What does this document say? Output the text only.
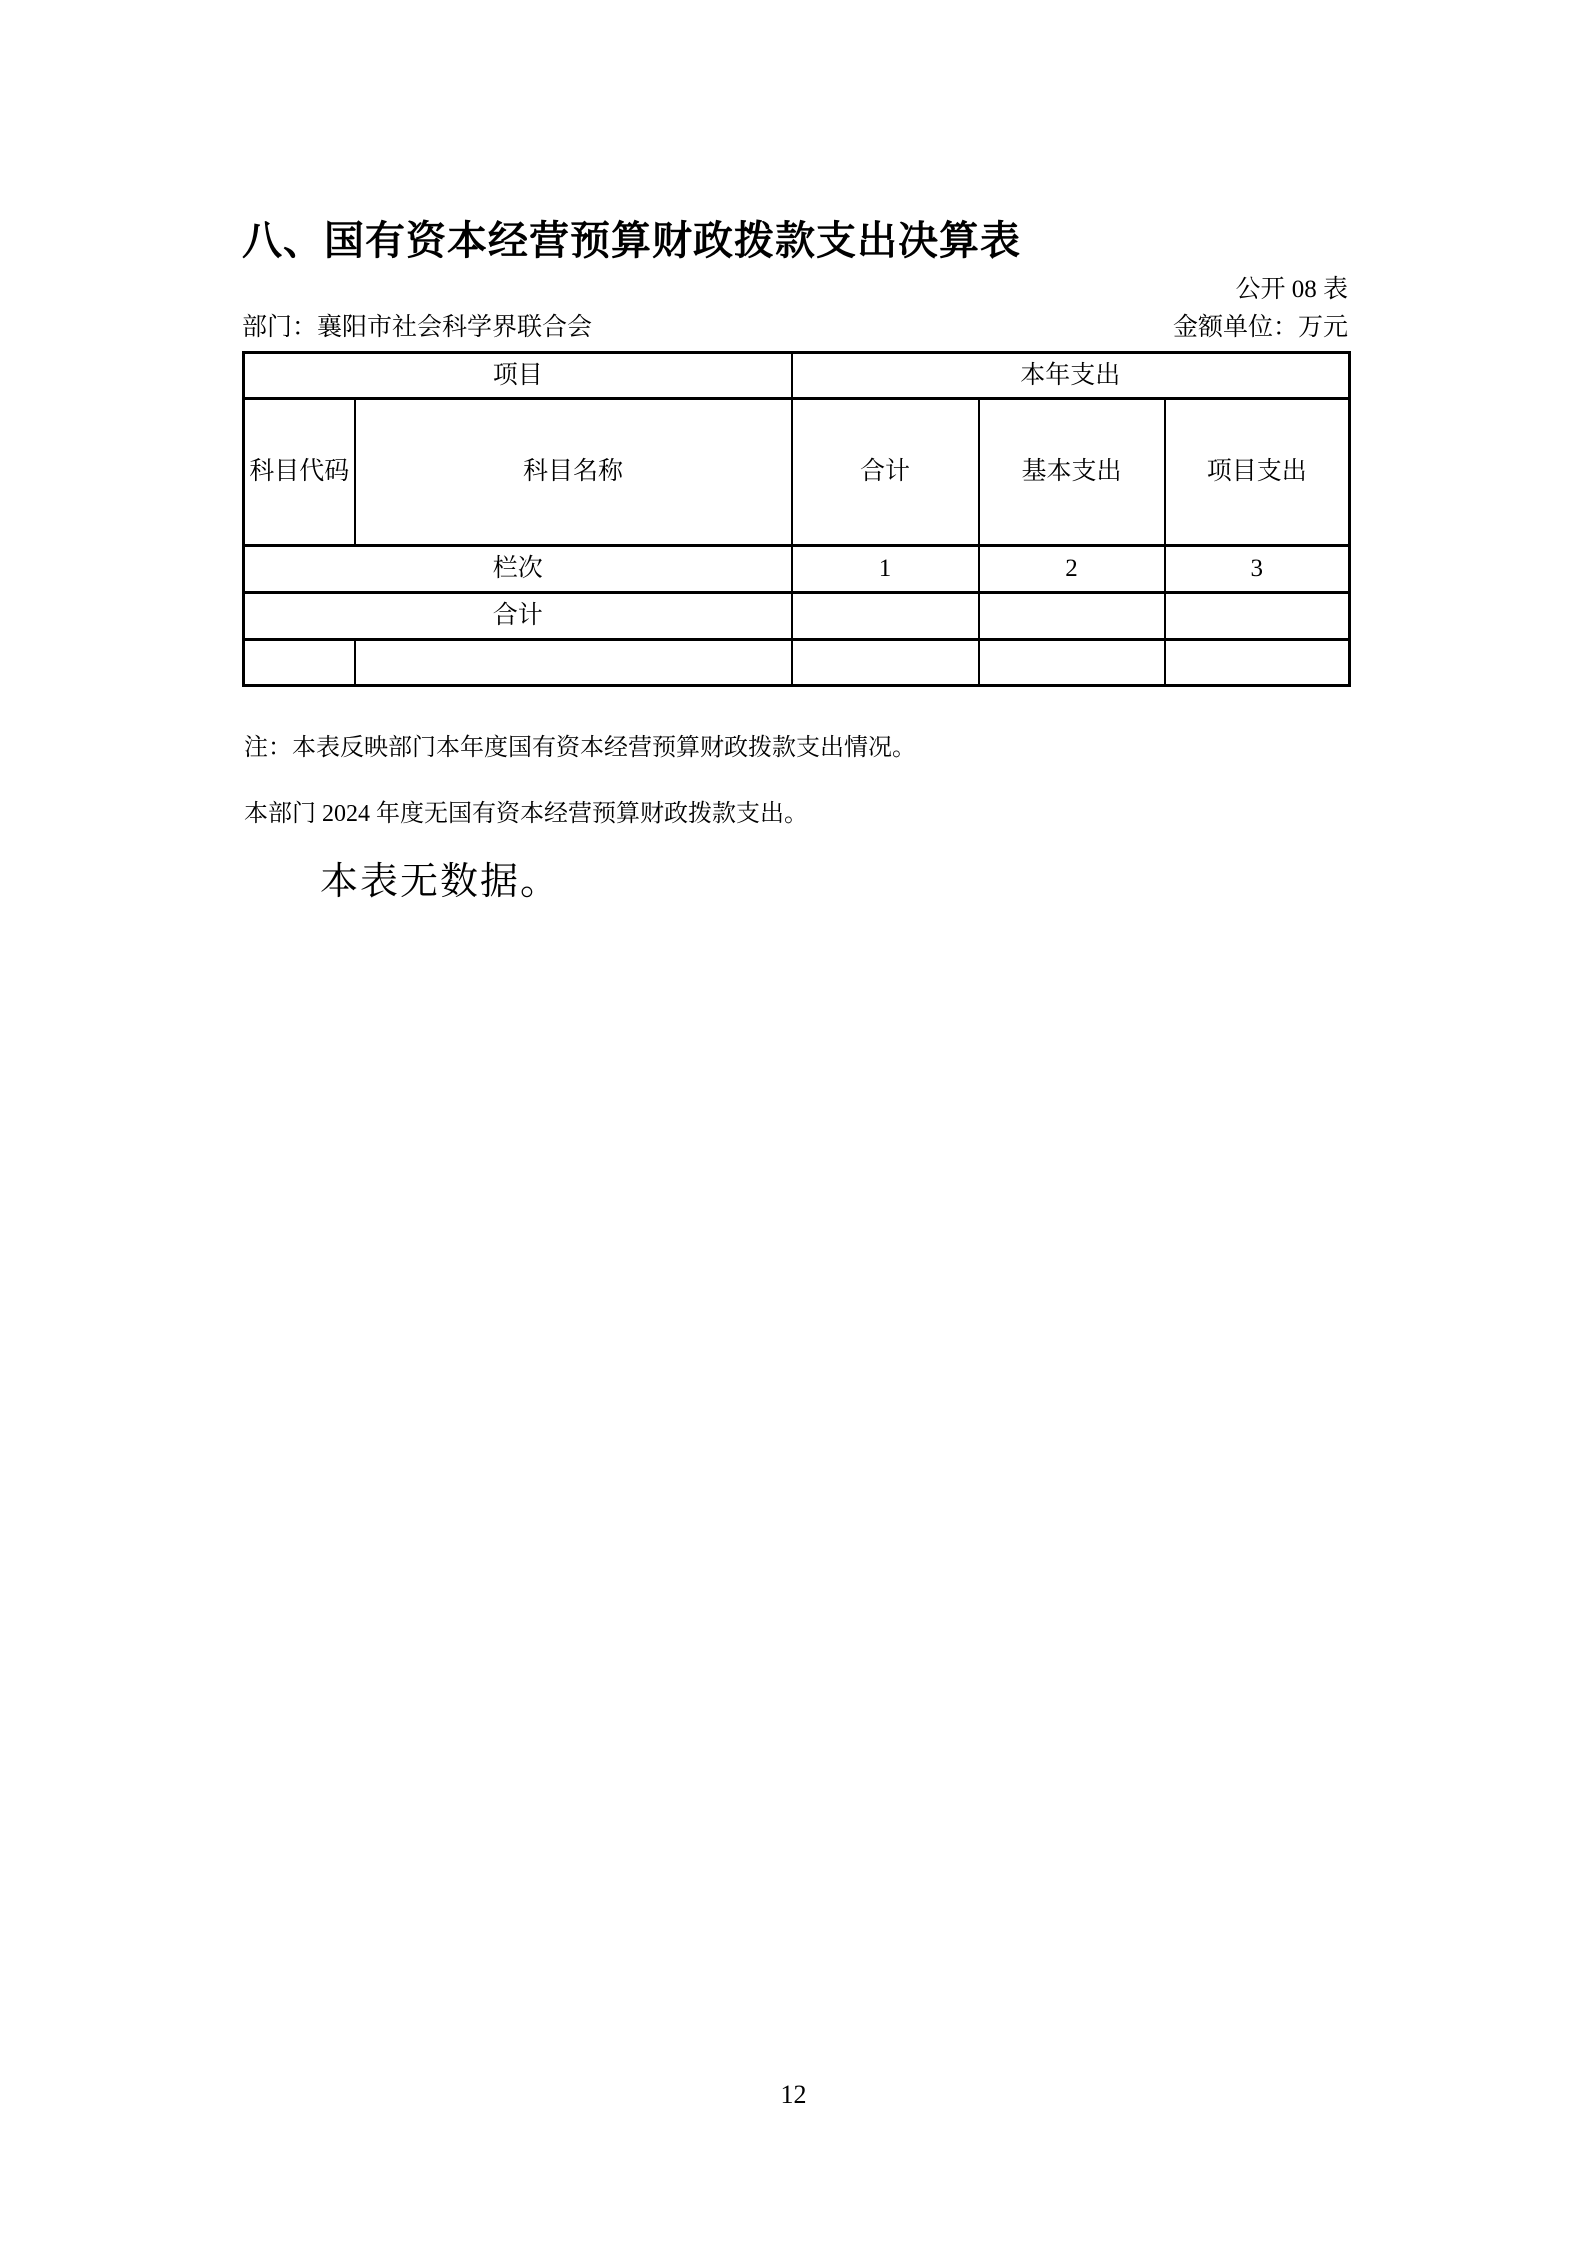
八、国有资本经营预算财政拨款支出决算表
公开 08 表
部门：襄阳市社会科学界联合会	金额单位：万元
项目		本年支出		
科目代码	科目名称	合计	基本支出	项目支出
栏次		1	2	3
合计				

注：本表反映部门本年度国有资本经营预算财政拨款支出情况。

本部门 2024 年度无国有资本经营预算财政拨款支出。

本表无数据。

12
